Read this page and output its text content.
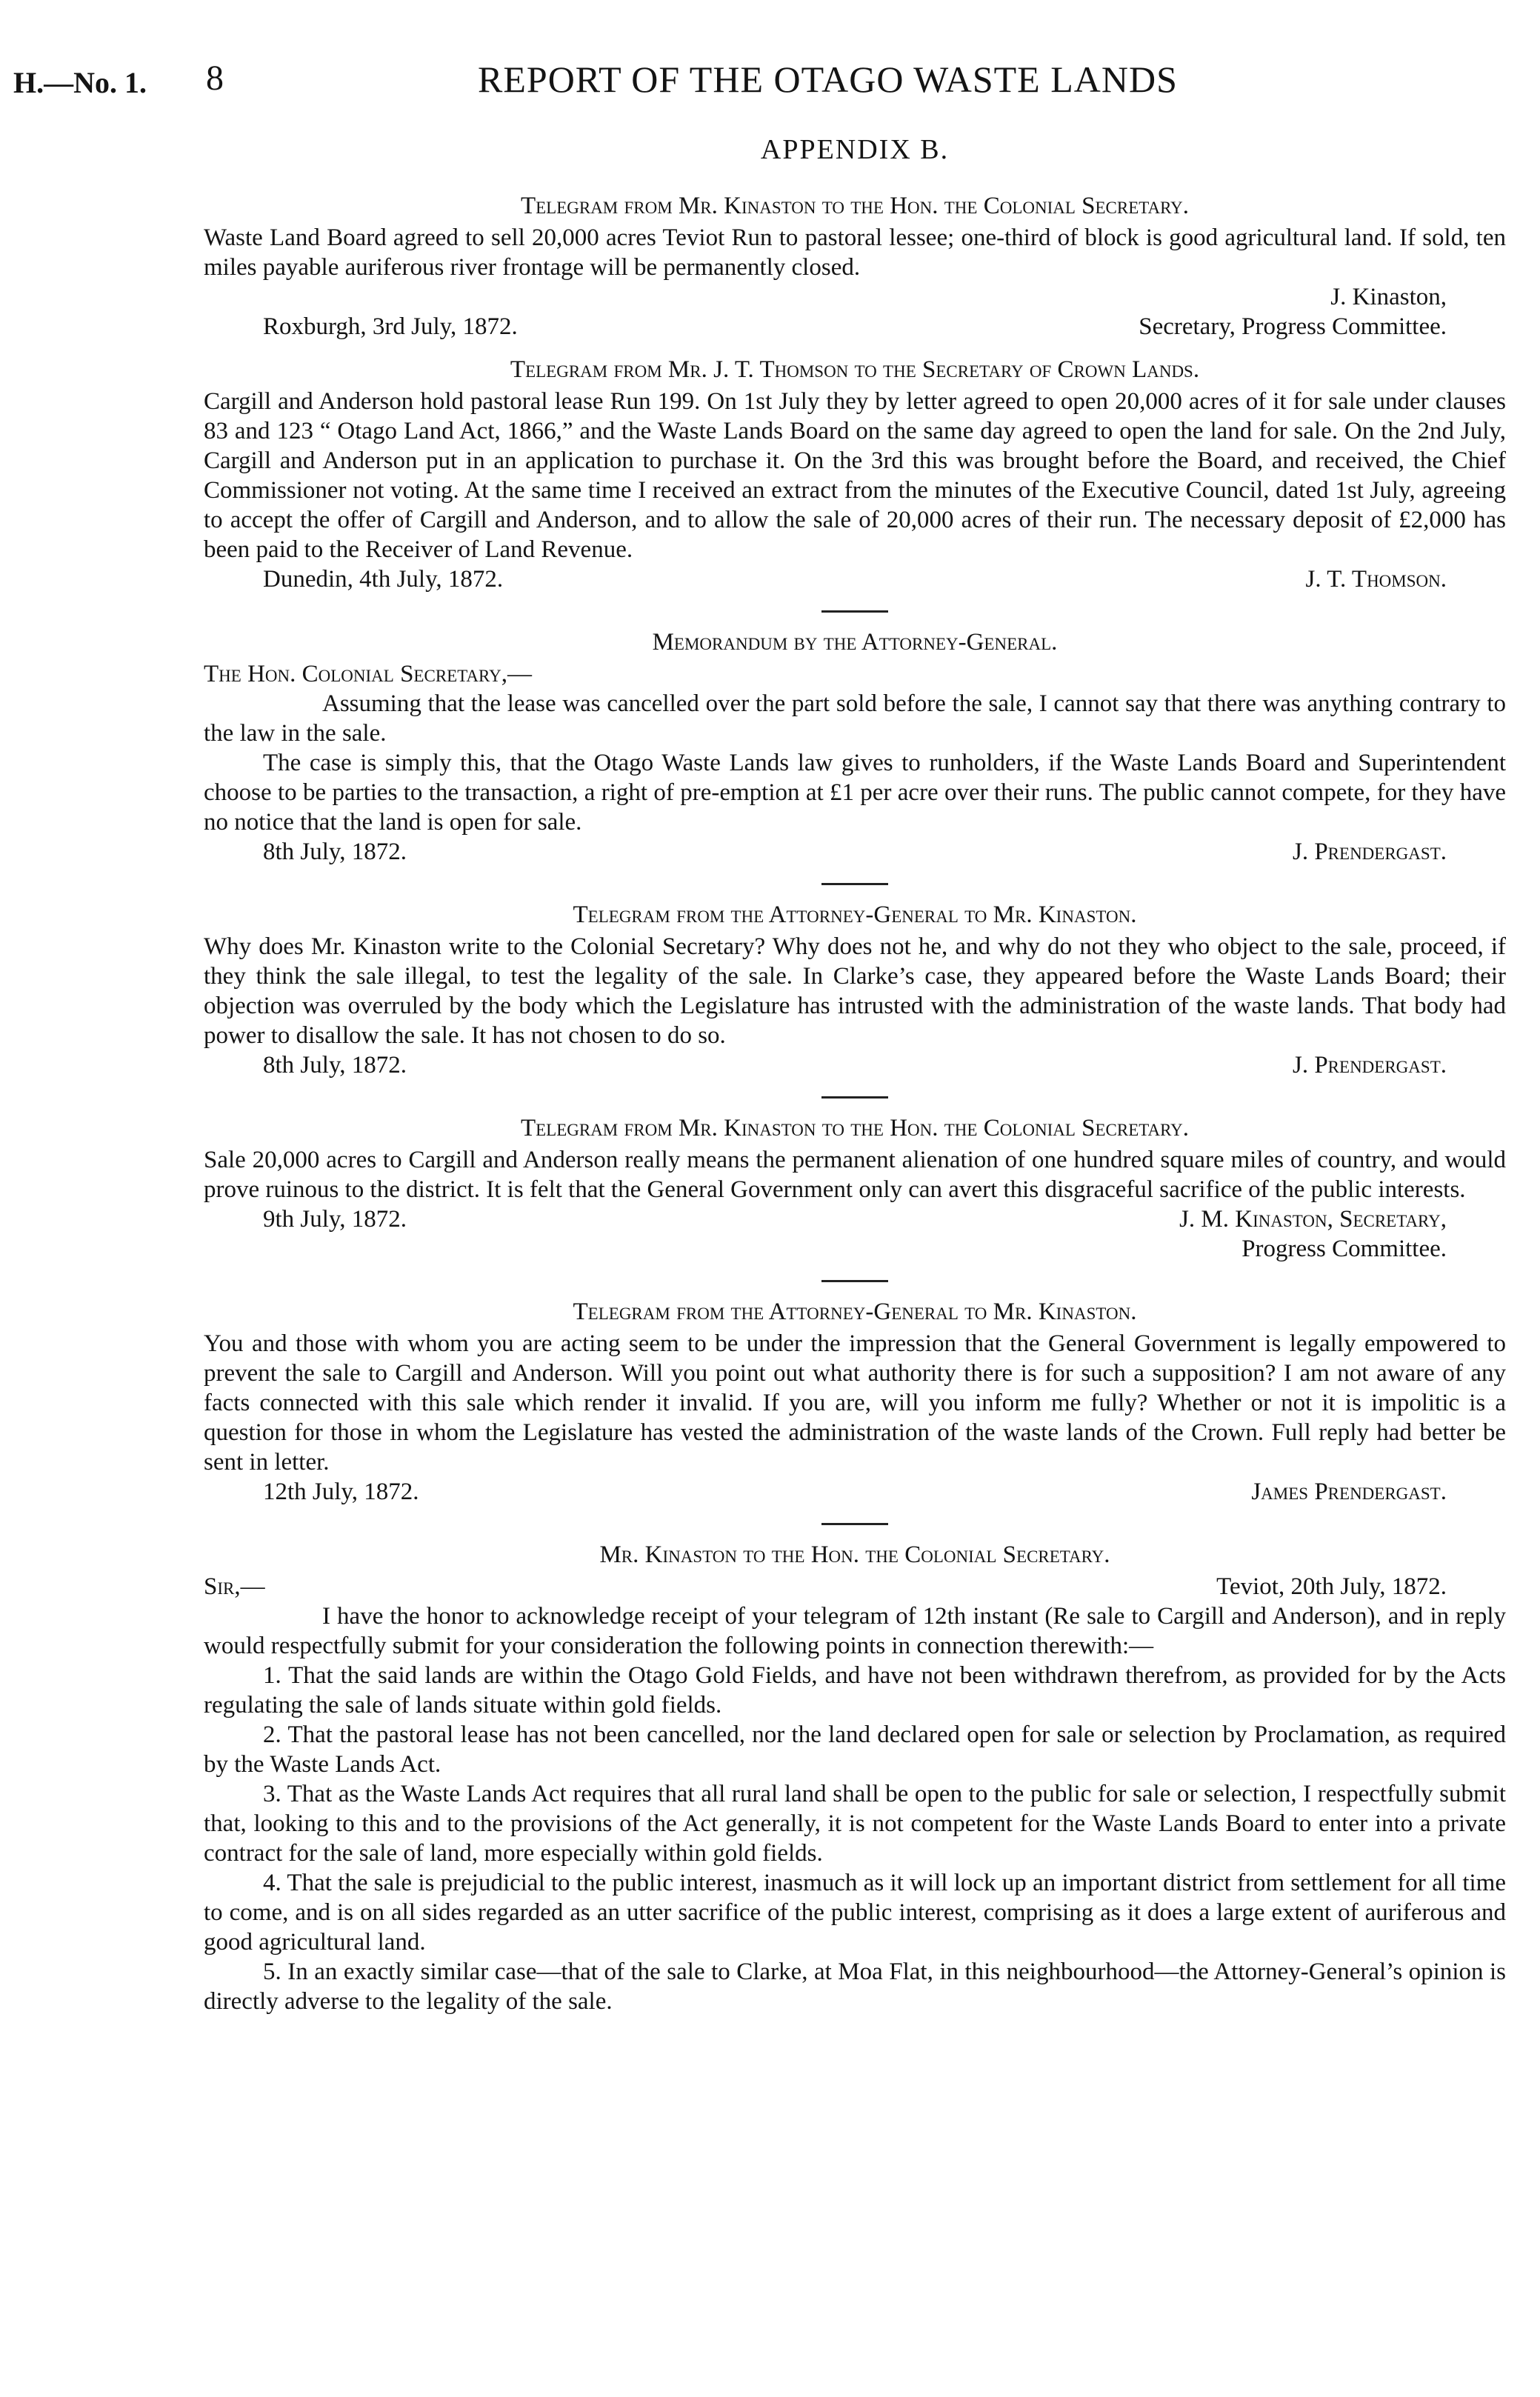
H.—No. 1. 8	REPORT OF THE OTAGO WASTE LANDS
APPENDIX B.
Telegram from Mr. Kinaston to the Hon. the Colonial Secretary.

Waste Land Board agreed to sell 20,000 acres Teviot Run to pastoral lessee; one-third of block is good agricultural land. If sold, ten miles payable auriferous river frontage will be permanently closed.

J. Kinaston,
Roxburgh, 3rd July, 1872.	Secretary, Progress Committee.
Telegram from Mr. J. T. Thomson to the Secretary of Crown Lands.

Cargill and Anderson hold pastoral lease Run 199. On 1st July they by letter agreed to open 20,000 acres of it for sale under clauses 83 and 123 “ Otago Land Act, 1866,” and the Waste Lands Board on the same day agreed to open the land for sale. On the 2nd July, Cargill and Anderson put in an application to purchase it. On the 3rd this was brought before the Board, and received, the Chief Commissioner not voting. At the same time I received an extract from the minutes of the Executive Council, dated 1st July, agreeing to accept the offer of Cargill and Anderson, and to allow the sale of 20,000 acres of their run. The necessary deposit of £2,000 has been paid to the Receiver of Land Revenue.

Dunedin, 4th July, 1872.	J. T. Thomson.
Memorandum by the Attorney-General.
The Hon. Colonial Secretary,—

Assuming that the lease was cancelled over the part sold before the sale, I cannot say that there was anything contrary to the law in the sale.

The case is simply this, that the Otago Waste Lands law gives to runholders, if the Waste Lands Board and Superintendent choose to be parties to the transaction, a right of pre-emption at £1 per acre over their runs. The public cannot compete, for they have no notice that the land is open for sale.

8th July, 1872.	J. Prendergast.
Telegram from the Attorney-General to Mr. Kinaston.

Why does Mr. Kinaston write to the Colonial Secretary? Why does not he, and why do not they who object to the sale, proceed, if they think the sale illegal, to test the legality of the sale. In Clarke’s case, they appeared before the Waste Lands Board; their objection was overruled by the body which the Legislature has intrusted with the administration of the waste lands. That body had power to disallow the sale. It has not chosen to do so.

8th July, 1872.	J. Prendergast.
Telegram from Mr. Kinaston to the Hon. the Colonial Secretary.

Sale 20,000 acres to Cargill and Anderson really means the permanent alienation of one hundred square miles of country, and would prove ruinous to the district. It is felt that the General Government only can avert this disgraceful sacrifice of the public interests.

9th July, 1872.	J. M. Kinaston, Secretary,
Progress Committee.
Telegram from the Attorney-General to Mr. Kinaston.

You and those with whom you are acting seem to be under the impression that the General Government is legally empowered to prevent the sale to Cargill and Anderson. Will you point out what authority there is for such a supposition? I am not aware of any facts connected with this sale which render it invalid. If you are, will you inform me fully? Whether or not it is impolitic is a question for those in whom the Legislature has vested the administration of the waste lands of the Crown. Full reply had better be sent in letter.

12th July, 1872.	James Prendergast.
Mr. Kinaston to the Hon. the Colonial Secretary.
Sir,—	Teviot, 20th July, 1872.

I have the honor to acknowledge receipt of your telegram of 12th instant (Re sale to Cargill and Anderson), and in reply would respectfully submit for your consideration the following points in connection therewith:—

1. That the said lands are within the Otago Gold Fields, and have not been withdrawn therefrom, as provided for by the Acts regulating the sale of lands situate within gold fields.

2. That the pastoral lease has not been cancelled, nor the land declared open for sale or selection by Proclamation, as required by the Waste Lands Act.

3. That as the Waste Lands Act requires that all rural land shall be open to the public for sale or selection, I respectfully submit that, looking to this and to the provisions of the Act generally, it is not competent for the Waste Lands Board to enter into a private contract for the sale of land, more especially within gold fields.

4. That the sale is prejudicial to the public interest, inasmuch as it will lock up an important district from settlement for all time to come, and is on all sides regarded as an utter sacrifice of the public interest, comprising as it does a large extent of auriferous and good agricultural land.

5. In an exactly similar case—that of the sale to Clarke, at Moa Flat, in this neighbourhood—the Attorney-General’s opinion is directly adverse to the legality of the sale.
